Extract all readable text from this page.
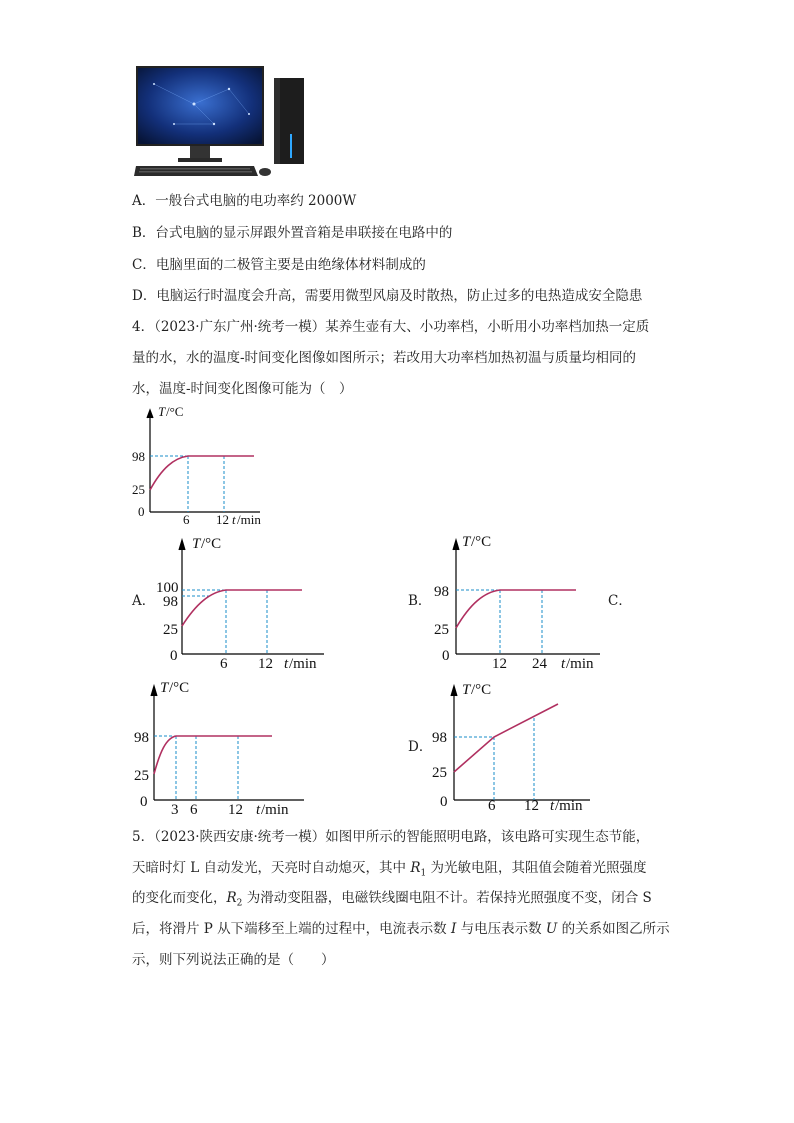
A．一般台式电脑的电功率约 2000W
B．台式电脑的显示屏跟外置音箱是串联接在电路中的
C．电脑里面的二极管主要是由绝缘体材料制成的
D．电脑运行时温度会升高，需要用微型风扇及时散热，防止过多的电热造成安全隐患
4．（2023·广东广州·统考一模）某养生壶有大、小功率档，小昕用小功率档加热一定质
量的水，水的温度-时间变化图像如图所示；若改用大功率档加热初温与质量均相同的
水，温度-时间变化图像可能为（　）
T /°C
98
25
0
6 12 t /min
A．
T /°C
100
98
25
0	6 12 t /min
B．
T /°C
98
25
0	12 24 t /min
C．
T /°C
98
25
0 3 6 12 t /min
D．
T /°C
98
25
0	6 12 t /min
5．（2023·陕西安康·统考一模）如图甲所示的智能照明电路，该电路可实现生态节能，
天暗时灯 L 自动发光，天亮时自动熄灭，其中 $R_1$ 为光敏电阻，其阻值会随着光照强度
的变化而变化，$R_2$ 为滑动变阻器，电磁铁线圈电阻不计。若保持光照强度不变，闭合 S
后，将滑片 P 从下端移至上端的过程中，电流表示数 I 与电压表示数 U 的关系如图乙所示
示，则下列说法正确的是（　　）
